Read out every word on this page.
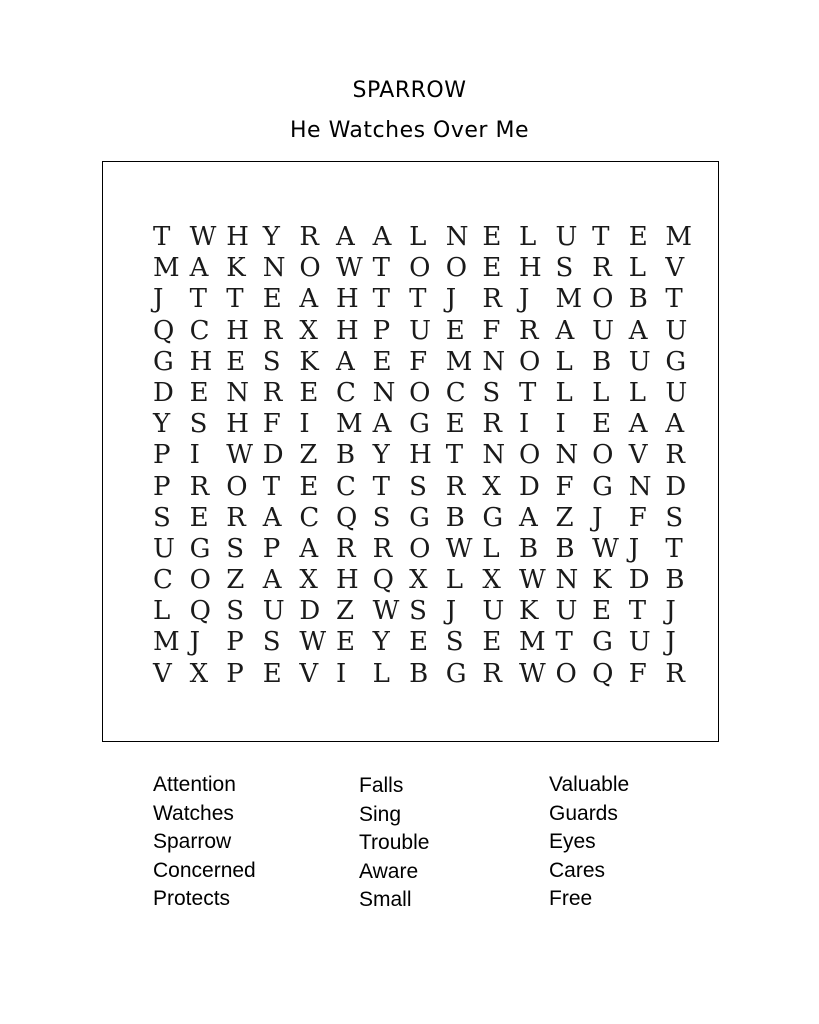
SPARROW
He Watches Over Me
T W H Y R A A L N E L U T E M
M A K N O W T O O E H S R L V
J	T T E A H T T J	R J	M O B T
Q C H R X H P U E F R A U A U
G H E S K A E F M N O L B U G
D E N R E C N O C S T L L L U
Y S H F I	M A G E R I	I	E A A
P I	W D Z B Y H T N O N O V R
P R O T E C T S R X D F G N D
S E R A C Q S G B G A Z J	F S
U G S P A R R O W L B B W J	T
C O Z A X H Q X L X W N K D B
L Q S U D Z W S J	U K U E T J
M J	P S W E Y E S E M T G U J
V X P E V I	L B G R W O Q F R
Attention
Watches
Sparrow
Concerned
Protects
Falls
Sing
Trouble
Aware
Small
Valuable
Guards
Eyes
Cares
Free
